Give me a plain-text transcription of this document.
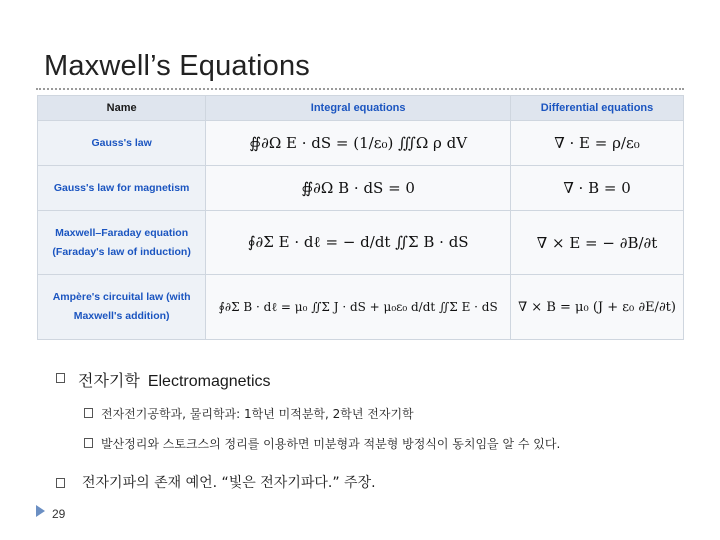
Maxwell’s Equations
Name	Integral equations	Differential equations
Gauss's law	∯∂Ω E · dS = (1/ε₀) ∭Ω ρ dV	∇ · E = ρ/ε₀
Gauss's law for magnetism	∯∂Ω B · dS = 0	∇ · B = 0

Maxwell–Faraday equation
(Faraday's law of induction)	∮∂Σ E · dℓ = − d/dt ∬Σ B · dS	∇ × E = − ∂B/∂t

Ampère's circuital law (with
Maxwell's addition)	∮∂Σ B · dℓ = μ₀ ∬Σ J · dS + μ₀ε₀ d/dt ∬Σ E · dS	∇ × B = μ₀ (J + ε₀ ∂E/∂t)
전자기학 Electromagnetics
전자전기공학과, 물리학과: 1학년 미적분학, 2학년 전자기학
발산정리와 스토크스의 정리를 이용하면 미분형과 적분형 방정식이 동치임을 알 수 있다.
전자기파의 존재 예언. “빛은 전자기파다.” 주장.
29
